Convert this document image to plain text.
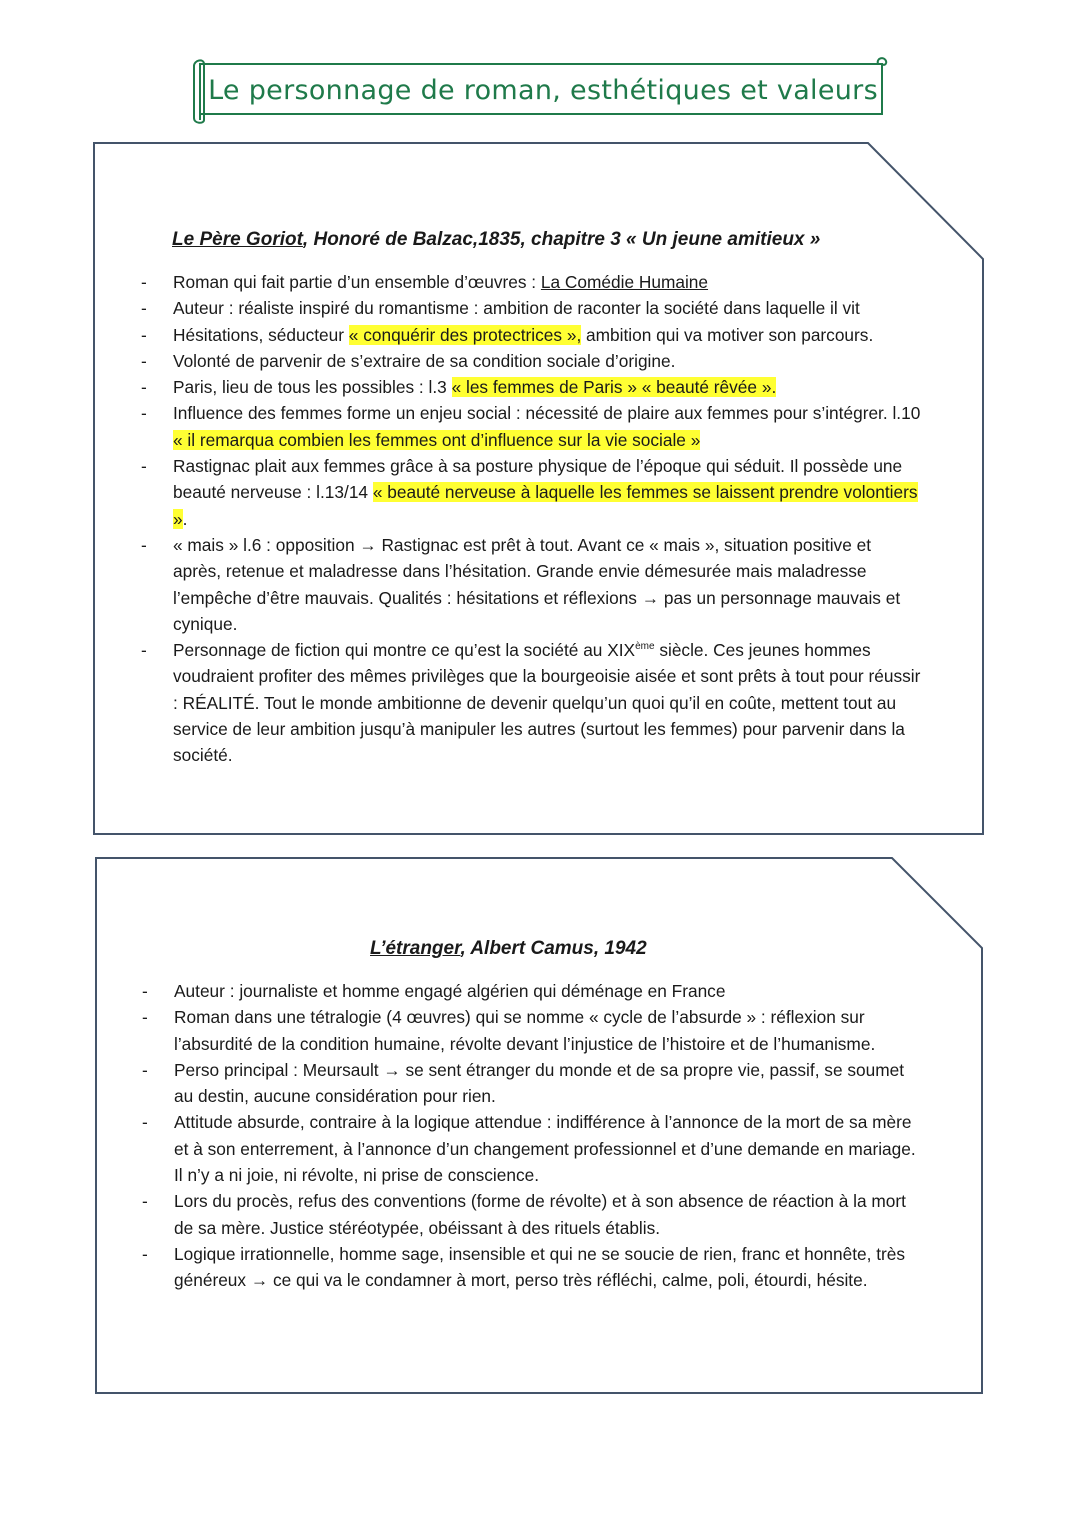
Le personnage de roman, esthétiques et valeurs
Le Père Goriot, Honoré de Balzac,1835, chapitre 3 « Un jeune amitieux »
- Roman qui fait partie d’un ensemble d’œuvres : La Comédie Humaine
- Auteur : réaliste inspiré du romantisme : ambition de raconter la société dans laquelle il vit
- Hésitations, séducteur « conquérir des protectrices », ambition qui va motiver son parcours.
- Volonté de parvenir de s’extraire de sa condition sociale d’origine.
- Paris, lieu de tous les possibles : l.3 « les femmes de Paris » « beauté rêvée ».
- Influence des femmes forme un enjeu social : nécessité de plaire aux femmes pour s’intégrer. l.10 « il remarqua combien les femmes ont d’influence sur la vie sociale »
- Rastignac plait aux femmes grâce à sa posture physique de l’époque qui séduit. Il possède une beauté nerveuse : l.13/14 « beauté nerveuse à laquelle les femmes se laissent prendre volontiers ».
- « mais » l.6 : opposition → Rastignac est prêt à tout. Avant ce « mais », situation positive et après, retenue et maladresse dans l’hésitation. Grande envie démesurée mais maladresse l’empêche d’être mauvais. Qualités : hésitations et réflexions → pas un personnage mauvais et cynique.
- Personnage de fiction qui montre ce qu’est la société au XIXème siècle. Ces jeunes hommes voudraient profiter des mêmes privilèges que la bourgeoisie aisée et sont prêts à tout pour réussir : RÉALITÉ. Tout le monde ambitionne de devenir quelqu’un quoi qu’il en coûte, mettent tout au service de leur ambition jusqu’à manipuler les autres (surtout les femmes) pour parvenir dans la société.
L’étranger, Albert Camus, 1942
- Auteur : journaliste et homme engagé algérien qui déménage en France
- Roman dans une tétralogie (4 œuvres) qui se nomme « cycle de l’absurde » : réflexion sur l’absurdité de la condition humaine, révolte devant l’injustice de l’histoire et de l’humanisme.
- Perso principal : Meursault → se sent étranger du monde et de sa propre vie, passif, se soumet au destin, aucune considération pour rien.
- Attitude absurde, contraire à la logique attendue : indifférence à l’annonce de la mort de sa mère et à son enterrement, à l’annonce d’un changement professionnel et d’une demande en mariage. Il n’y a ni joie, ni révolte, ni prise de conscience.
- Lors du procès, refus des conventions (forme de révolte) et à son absence de réaction à la mort de sa mère. Justice stéréotypée, obéissant à des rituels établis.
- Logique irrationnelle, homme sage, insensible et qui ne se soucie de rien, franc et honnête, très généreux → ce qui va le condamner à mort, perso très réfléchi, calme, poli, étourdi, hésite.
